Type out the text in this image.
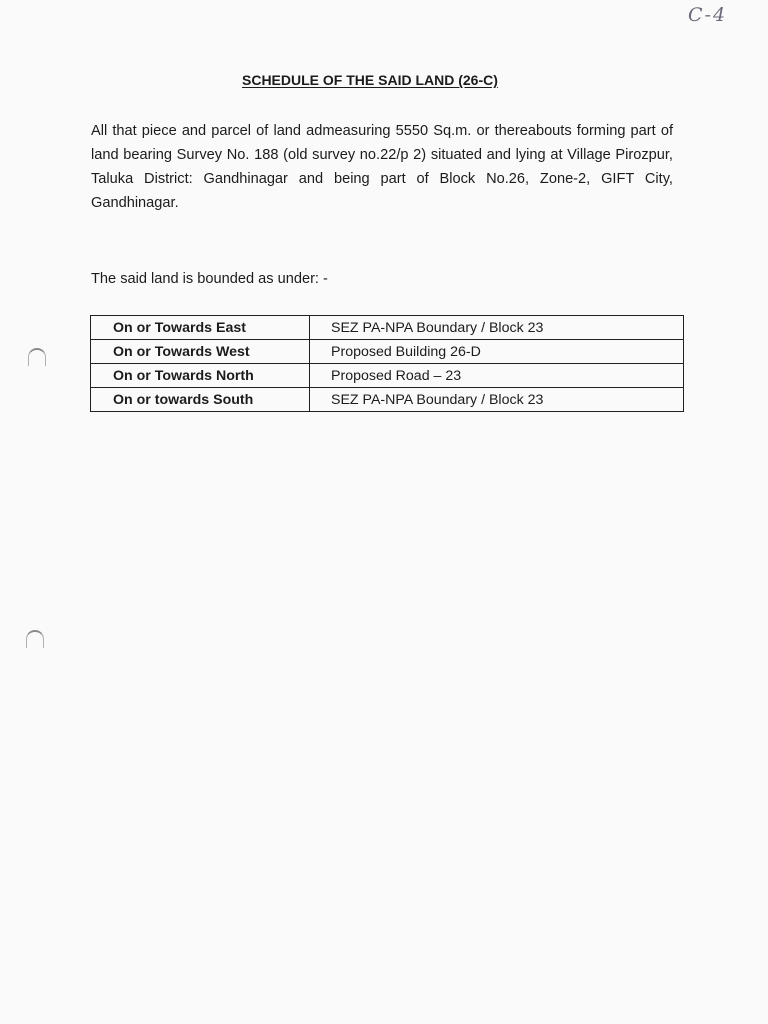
C-4
SCHEDULE OF THE SAID LAND (26-C)

All that piece and parcel of land admeasuring 5550 Sq.m. or thereabouts forming part of land bearing Survey No. 188 (old survey no.22/p 2) situated and lying at Village Pirozpur, Taluka District: Gandhinagar and being part of Block No.26, Zone-2, GIFT City, Gandhinagar.

The said land is bounded as under: -

On or Towards East	SEZ PA-NPA Boundary / Block 23
On or Towards West	Proposed Building 26-D
On or Towards North	Proposed Road – 23
On or towards South	SEZ PA-NPA Boundary / Block 23
